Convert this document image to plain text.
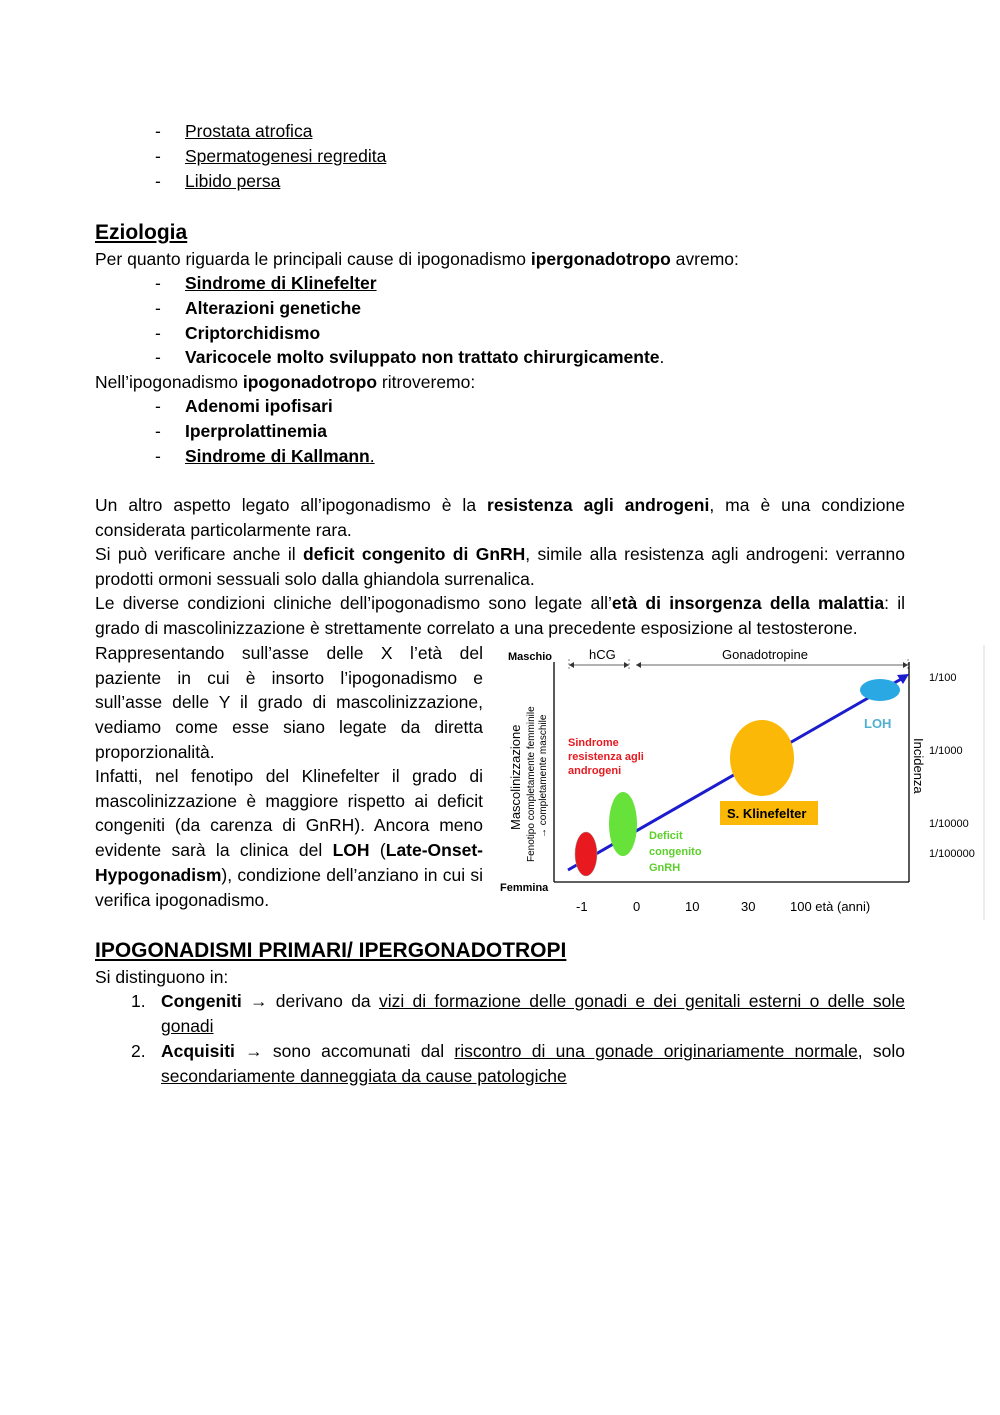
- Prostata atrofica
- Spermatogenesi regredita
- Libido persa
Eziologia
Per quanto riguarda le principali cause di ipogonadismo ipergonadotropo avremo:
- Sindrome di Klinefelter
- Alterazioni genetiche
- Criptorchidismo
- Varicocele molto sviluppato non trattato chirurgicamente.
Nell’ipogonadismo ipogonadotropo ritroveremo:
- Adenomi ipofisari
- Iperprolattinemia
- Sindrome di Kallmann.
Un altro aspetto legato all’ipogonadismo è la resistenza agli androgeni, ma è una condizione considerata particolarmente rara.
Si può verificare anche il deficit congenito di GnRH, simile alla resistenza agli androgeni: verranno prodotti ormoni sessuali solo dalla ghiandola surrenalica.
Le diverse condizioni cliniche dell’ipogonadismo sono legate all’età di insorgenza della malattia: il grado di mascolinizzazione è strettamente correlato a una precedente esposizione al testosterone.
Rappresentando sull’asse delle X l’età del paziente in cui è insorto l’ipogonadismo e sull’asse delle Y il grado di mascolinizzazione, vediamo come esse siano legate da diretta proporzionalità.
Infatti, nel fenotipo del Klinefelter il grado di mascolinizzazione è maggiore rispetto ai deficit congeniti (da carenza di GnRH). Ancora meno evidente sarà la clinica del LOH (Late-Onset-Hypogonadism), condizione dell’anziano in cui si verifica ipogonadismo.
Maschio
Femmina
hCG	Gonadotropine
Mascolinizzazione Fenotipo completamente femminile → completamente maschile	Incidenza
1/100
1/1000
1/10000
1/100000
-1	0	10	30	100 età (anni)
Sindrome resistenza agli androgeni
Deficit congenito GnRH
S. Klinefelter
LOH
IPOGONADISMI PRIMARI/ IPERGONADOTROPI
Si distinguono in:
1. Congeniti → derivano da vizi di formazione delle gonadi e dei genitali esterni o delle sole gonadi
2. Acquisiti → sono accomunati dal riscontro di una gonade originariamente normale, solo secondariamente danneggiata da cause patologiche
